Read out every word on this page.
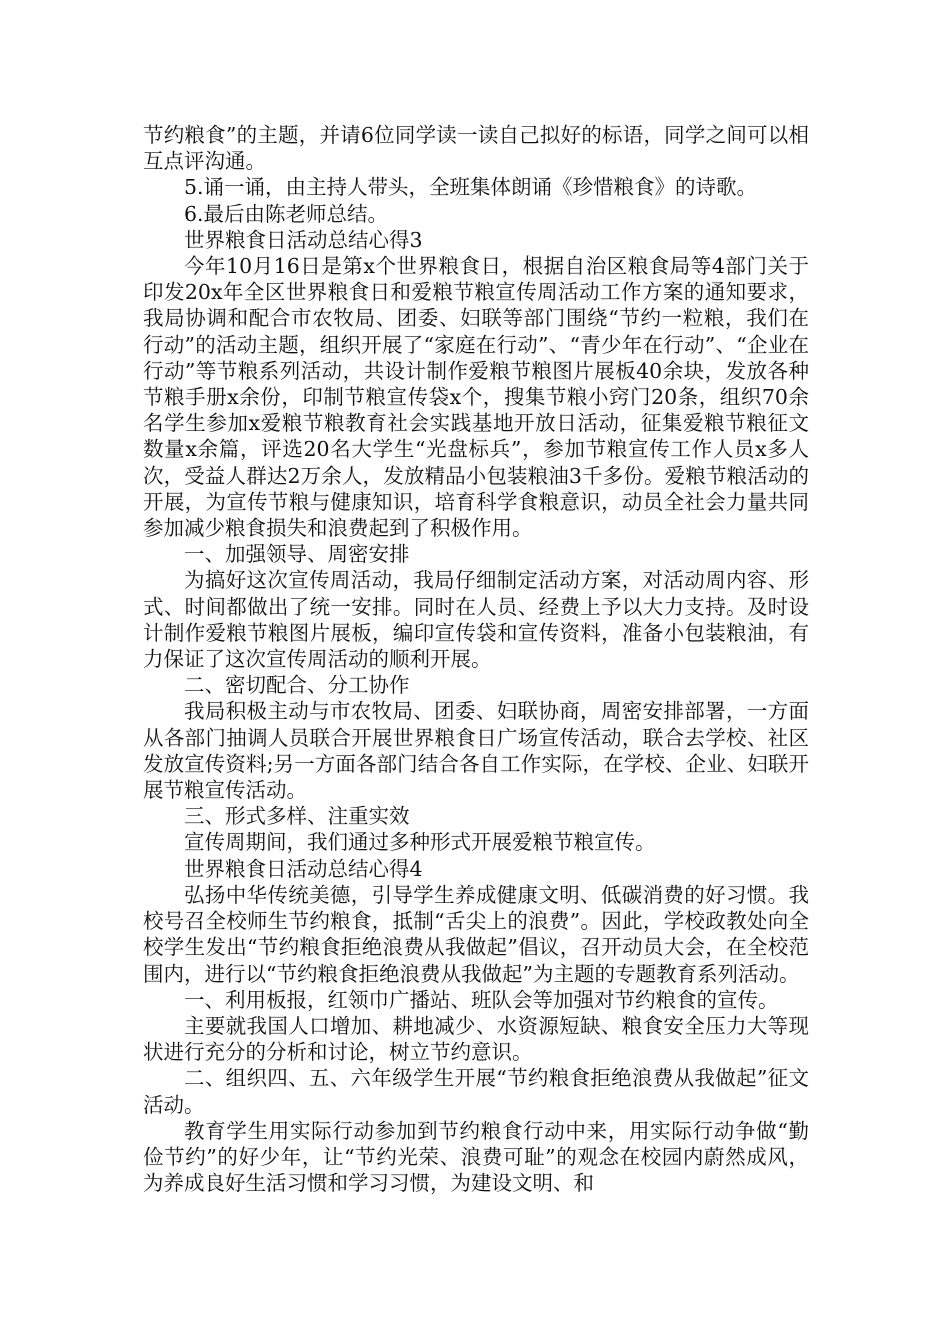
节约粮食”的主题，并请6位同学读一读自己拟好的标语，同学之间可以相互点评沟通。

5.诵一诵，由主持人带头，全班集体朗诵《珍惜粮食》的诗歌。

6.最后由陈老师总结。

世界粮食日活动总结心得3

今年10月16日是第x个世界粮食日，根据自治区粮食局等4部门关于印发20x年全区世界粮食日和爱粮节粮宣传周活动工作方案的通知要求，我局协调和配合市农牧局、团委、妇联等部门围绕“节约一粒粮，我们在行动”的活动主题，组织开展了“家庭在行动”、“青少年在行动”、“企业在行动”等节粮系列活动，共设计制作爱粮节粮图片展板40余块，发放各种节粮手册x余份，印制节粮宣传袋x个，搜集节粮小窍门20条，组织70余名学生参加x爱粮节粮教育社会实践基地开放日活动，征集爱粮节粮征文数量x余篇，评选20名大学生“光盘标兵”，参加节粮宣传工作人员x多人次，受益人群达2万余人，发放精品小包装粮油3千多份。爱粮节粮活动的开展，为宣传节粮与健康知识，培育科学食粮意识，动员全社会力量共同参加减少粮食损失和浪费起到了积极作用。

一、加强领导、周密安排

为搞好这次宣传周活动，我局仔细制定活动方案，对活动周内容、形式、时间都做出了统一安排。同时在人员、经费上予以大力支持。及时设计制作爱粮节粮图片展板，编印宣传袋和宣传资料，准备小包装粮油，有力保证了这次宣传周活动的顺利开展。

二、密切配合、分工协作

我局积极主动与市农牧局、团委、妇联协商，周密安排部署，一方面从各部门抽调人员联合开展世界粮食日广场宣传活动，联合去学校、社区发放宣传资料;另一方面各部门结合各自工作实际，在学校、企业、妇联开展节粮宣传活动。

三、形式多样、注重实效

宣传周期间，我们通过多种形式开展爱粮节粮宣传。

世界粮食日活动总结心得4

弘扬中华传统美德，引导学生养成健康文明、低碳消费的好习惯。我校号召全校师生节约粮食，抵制“舌尖上的浪费”。因此，学校政教处向全校学生发出“节约粮食拒绝浪费从我做起”倡议，召开动员大会，在全校范围内，进行以“节约粮食拒绝浪费从我做起”为主题的专题教育系列活动。

一、利用板报，红领巾广播站、班队会等加强对节约粮食的宣传。

主要就我国人口增加、耕地减少、水资源短缺、粮食安全压力大等现状进行充分的分析和讨论，树立节约意识。

二、组织四、五、六年级学生开展“节约粮食拒绝浪费从我做起”征文活动。

教育学生用实际行动参加到节约粮食行动中来，用实际行动争做“勤俭节约”的好少年，让“节约光荣、浪费可耻”的观念在校园内蔚然成风，为养成良好生活习惯和学习习惯，为建设文明、和
